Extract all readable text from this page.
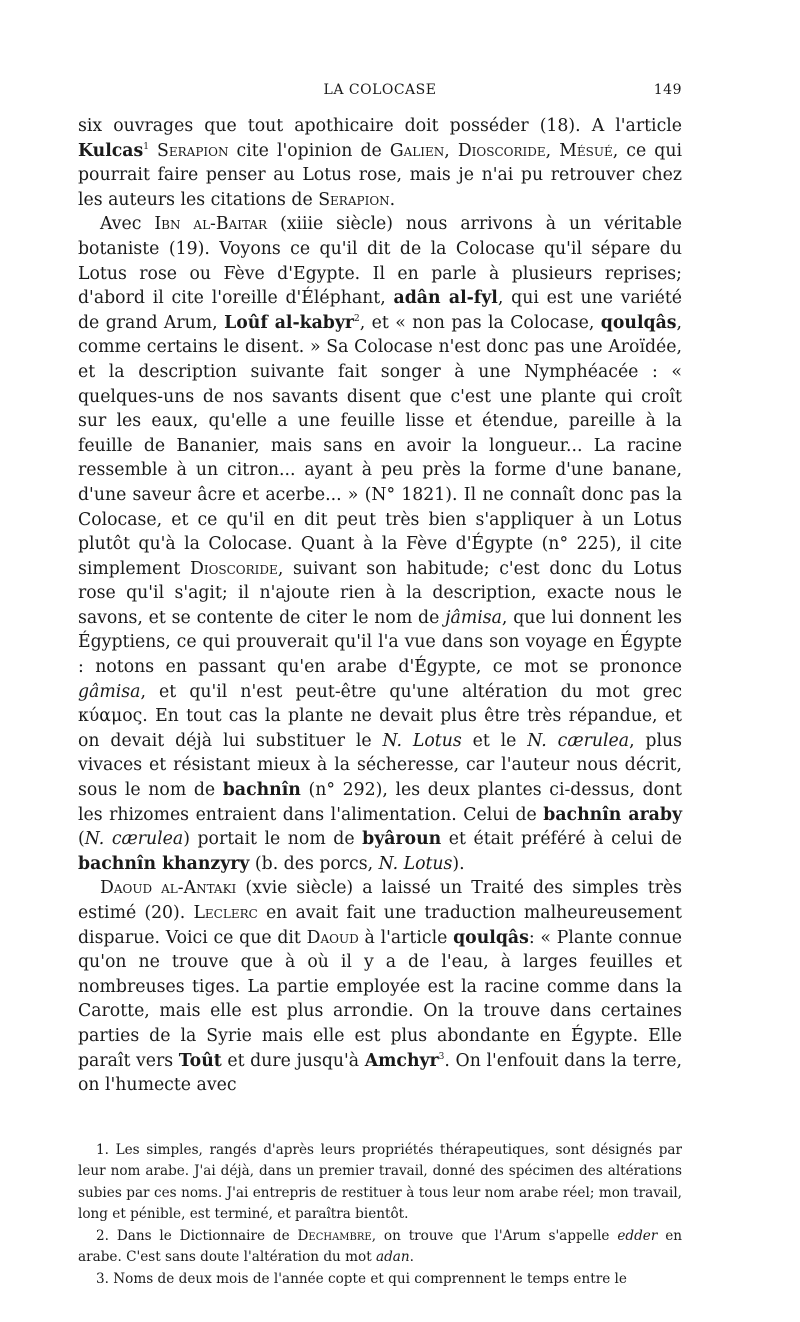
LA COLOCASE	149

six ouvrages que tout apothicaire doit posséder (18). A l'article Kulcas$^1$ Serapion cite l'opinion de Galien, Dioscoride, Mésué, ce qui pourrait faire penser au Lotus rose, mais je n'ai pu retrouver chez les auteurs les citations de Serapion.

Avec Ibn al-Baitar (xiiie siècle) nous arrivons à un véritable botaniste (19). Voyons ce qu'il dit de la Colocase qu'il sépare du Lotus rose ou Fève d'Egypte. Il en parle à plusieurs reprises; d'abord il cite l'oreille d'Éléphant, adân al-fyl, qui est une variété de grand Arum, Loûf al-kabyr$^2$, et « non pas la Colocase, qoulqâs, comme certains le disent. » Sa Colocase n'est donc pas une Aroïdée, et la description suivante fait songer à une Nymphéacée : « quelques-uns de nos savants disent que c'est une plante qui croît sur les eaux, qu'elle a une feuille lisse et étendue, pareille à la feuille de Bananier, mais sans en avoir la longueur... La racine ressemble à un citron... ayant à peu près la forme d'une banane, d'une saveur âcre et acerbe... » (N° 1821). Il ne connaît donc pas la Colocase, et ce qu'il en dit peut très bien s'appliquer à un Lotus plutôt qu'à la Colocase. Quant à la Fève d'Égypte (n° 225), il cite simplement Dioscoride, suivant son habitude; c'est donc du Lotus rose qu'il s'agit; il n'ajoute rien à la description, exacte nous le savons, et se contente de citer le nom de jâmisa, que lui donnent les Égyptiens, ce qui prouverait qu'il l'a vue dans son voyage en Égypte : notons en passant qu'en arabe d'Égypte, ce mot se prononce gâmisa, et qu'il n'est peut-être qu'une altération du mot grec κύαμος. En tout cas la plante ne devait plus être très répandue, et on devait déjà lui substituer le N. Lotus et le N. cærulea, plus vivaces et résistant mieux à la sécheresse, car l'auteur nous décrit, sous le nom de bachnîn (n° 292), les deux plantes ci-dessus, dont les rhizomes entraient dans l'alimentation. Celui de bachnîn araby (N. cærulea) portait le nom de byâroun et était préféré à celui de bachnîn khanzyry (b. des porcs, N. Lotus).

Daoud al-Antaki (xvie siècle) a laissé un Traité des simples très estimé (20). Leclerc en avait fait une traduction malheureusement disparue. Voici ce que dit Daoud à l'article qoulqâs: « Plante connue qu'on ne trouve que à où il y a de l'eau, à larges feuilles et nombreuses tiges. La partie employée est la racine comme dans la Carotte, mais elle est plus arrondie. On la trouve dans certaines parties de la Syrie mais elle est plus abondante en Égypte. Elle paraît vers Toût et dure jusqu'à Amchyr$^3$. On l'enfouit dans la terre, on l'humecte avec

1. Les simples, rangés d'après leurs propriétés thérapeutiques, sont désignés par leur nom arabe. J'ai déjà, dans un premier travail, donné des spécimen des altérations subies par ces noms. J'ai entrepris de restituer à tous leur nom arabe réel; mon travail, long et pénible, est terminé, et paraîtra bientôt.

2. Dans le Dictionnaire de Dechambre, on trouve que l'Arum s'appelle edder en arabe. C'est sans doute l'altération du mot adan.

3. Noms de deux mois de l'année copte et qui comprennent le temps entre le
